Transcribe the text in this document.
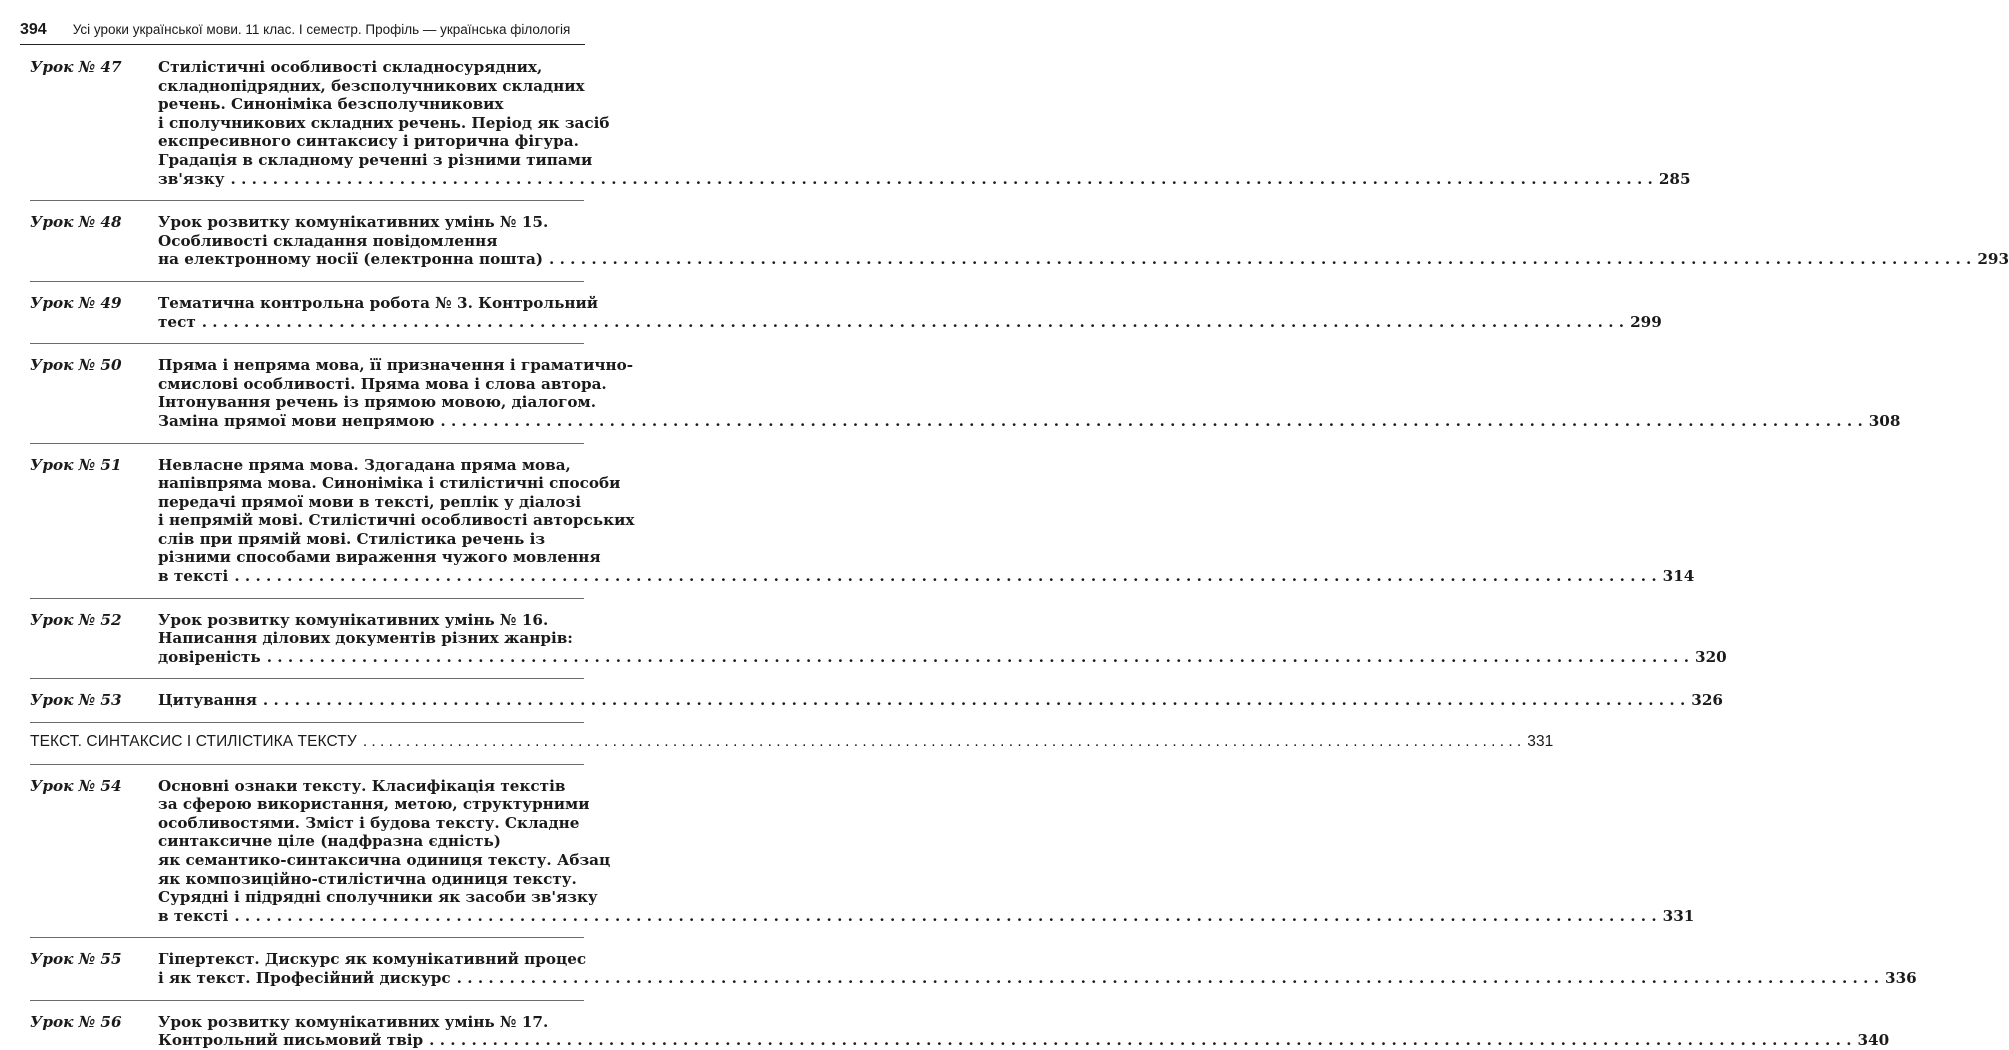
394 Усі уроки української мови. 11 клас. І семестр. Профіль — українська філологія
Урок № 47	Стилістичні особливості складносурядних,
складнопідрядних, безсполучникових складних
речень. Синоніміка безсполучникових
і сполучникових складних речень. Період як засіб
експресивного синтаксису і риторична фігура.
Градація в складному реченні з різними типами

зв'язку . . .	285
Урок № 48	Урок розвитку комунікативних умінь № 15.
Особливості складання повідомлення

на електронному носії (електронна пошта) . . .	293
Урок № 49	Тематична контрольна робота № 3. Контрольний

тест . . .	299
Урок № 50	Пряма і непряма мова, її призначення і граматично-
смислові особливості. Пряма мова і слова автора.
Інтонування речень із прямою мовою, діалогом.

Заміна прямої мови непрямою . . .	308
Урок № 51	Невласне пряма мова. Здогадана пряма мова,
напівпряма мова. Синоніміка і стилістичні способи
передачі прямої мови в тексті, реплік у діалозі
і непрямій мові. Стилістичні особливості авторських
слів при прямій мові. Стилістика речень із
різними способами вираження чужого мовлення

в тексті . . .	314
Урок № 52	Урок розвитку комунікативних умінь № 16.
Написання ділових документів різних жанрів:

довіреність . . .	320
Урок № 53	Цитування . . .	326
ТЕКСТ. СИНТАКСИС І СТИЛІСТИКА ТЕКСТУ . . .	331
Урок № 54	Основні ознаки тексту. Класифікація текстів
за сферою використання, метою, структурними
особливостями. Зміст і будова тексту. Складне
синтаксичне ціле (надфразна єдність)
як семантико-синтаксична одиниця тексту. Абзац
як композиційно-стилістична одиниця тексту.
Сурядні і підрядні сполучники як засоби зв'язку

в тексті . . .	331
Урок № 55	Гіпертекст. Дискурс як комунікативний процес

і як текст. Професійний дискурс . . .	336
Урок № 56	Урок розвитку комунікативних умінь № 17.

Контрольний письмовий твір . . .	340
